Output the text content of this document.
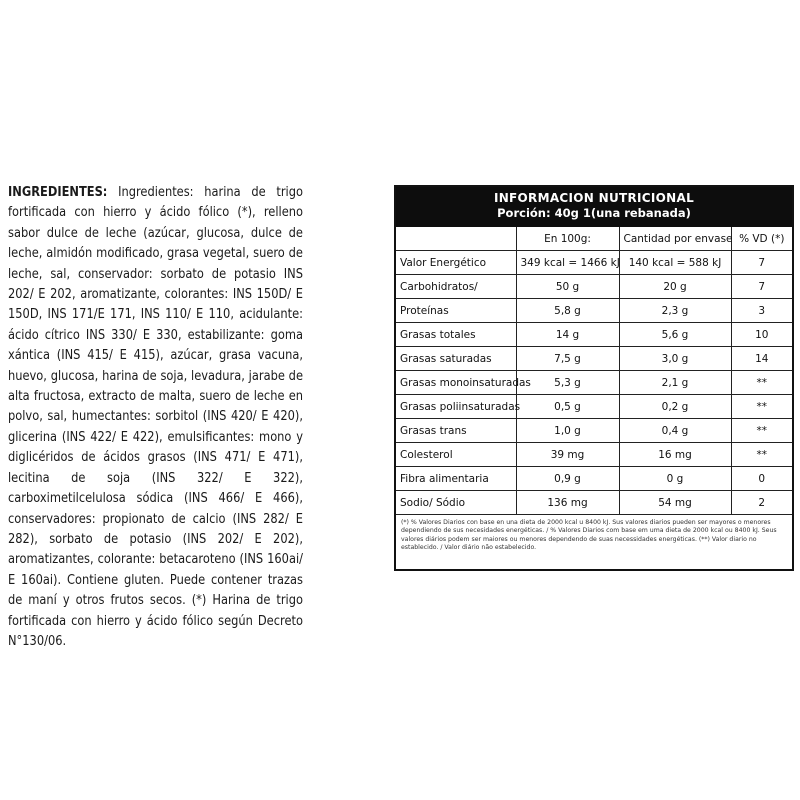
INGREDIENTES: Ingredientes: harina de trigo fortificada con hierro y ácido fólico (*), relleno sabor dulce de leche (azúcar, glucosa, dulce de leche, almidón modificado, grasa vegetal, suero de leche, sal, conservador: sorbato de potasio INS 202/ E 202, aromatizante, colorantes: INS 150D/ E 150D, INS 171/E 171, INS 110/ E 110, acidulante: ácido cítrico INS 330/ E 330, estabilizante: goma xántica (INS 415/ E 415), azúcar, grasa vacuna, huevo, glucosa, harina de soja, levadura, jarabe de alta fructosa, extracto de malta, suero de leche en polvo, sal, humectantes: sorbitol (INS 420/ E 420), glicerina (INS 422/ E 422), emulsificantes: mono y diglicéridos de ácidos grasos (INS 471/ E 471), lecitina de soja (INS 322/ E 322), carboximetilcelulosa sódica (INS 466/ E 466), conservadores: propionato de calcio (INS 282/ E 282), sorbato de potasio (INS 202/ E 202), aromatizantes, colorante: betacaroteno (INS 160ai/ E 160ai). Contiene gluten. Puede contener trazas de maní y otros frutos secos. (*) Harina de trigo fortificada con hierro y ácido fólico según Decreto N°130/06.
INFORMACION NUTRICIONAL
Porción: 40g 1(una rebanada)
	En 100g:	Cantidad por envase	% VD (*)
Valor Energético	349 kcal = 1466 kJ	140 kcal = 588 kJ	7
Carbohidratos/	50 g	20 g	7
Proteínas	5,8 g	2,3 g	3
Grasas totales	14 g	5,6 g	10
Grasas saturadas	7,5 g	3,0 g	14
Grasas monoinsaturadas	5,3 g	2,1 g	**
Grasas poliinsaturadas	0,5 g	0,2 g	**
Grasas trans	1,0 g	0,4 g	**
Colesterol	39 mg	16 mg	**
Fibra alimentaria	0,9 g	0 g	0
Sodio/ Sódio	136 mg	54 mg	2
(*) % Valores Diarios con base en una dieta de 2000 kcal u 8400 kJ. Sus valores diarios pueden ser mayores o menores dependiendo de sus necesidades energéticas. / % Valores Diarios com base em uma dieta de 2000 kcal ou 8400 kJ. Seus valores diários podem ser maiores ou menores dependendo de suas necessidades energéticas. (**) Valor diario no establecido. / Valor diário não estabelecido.
